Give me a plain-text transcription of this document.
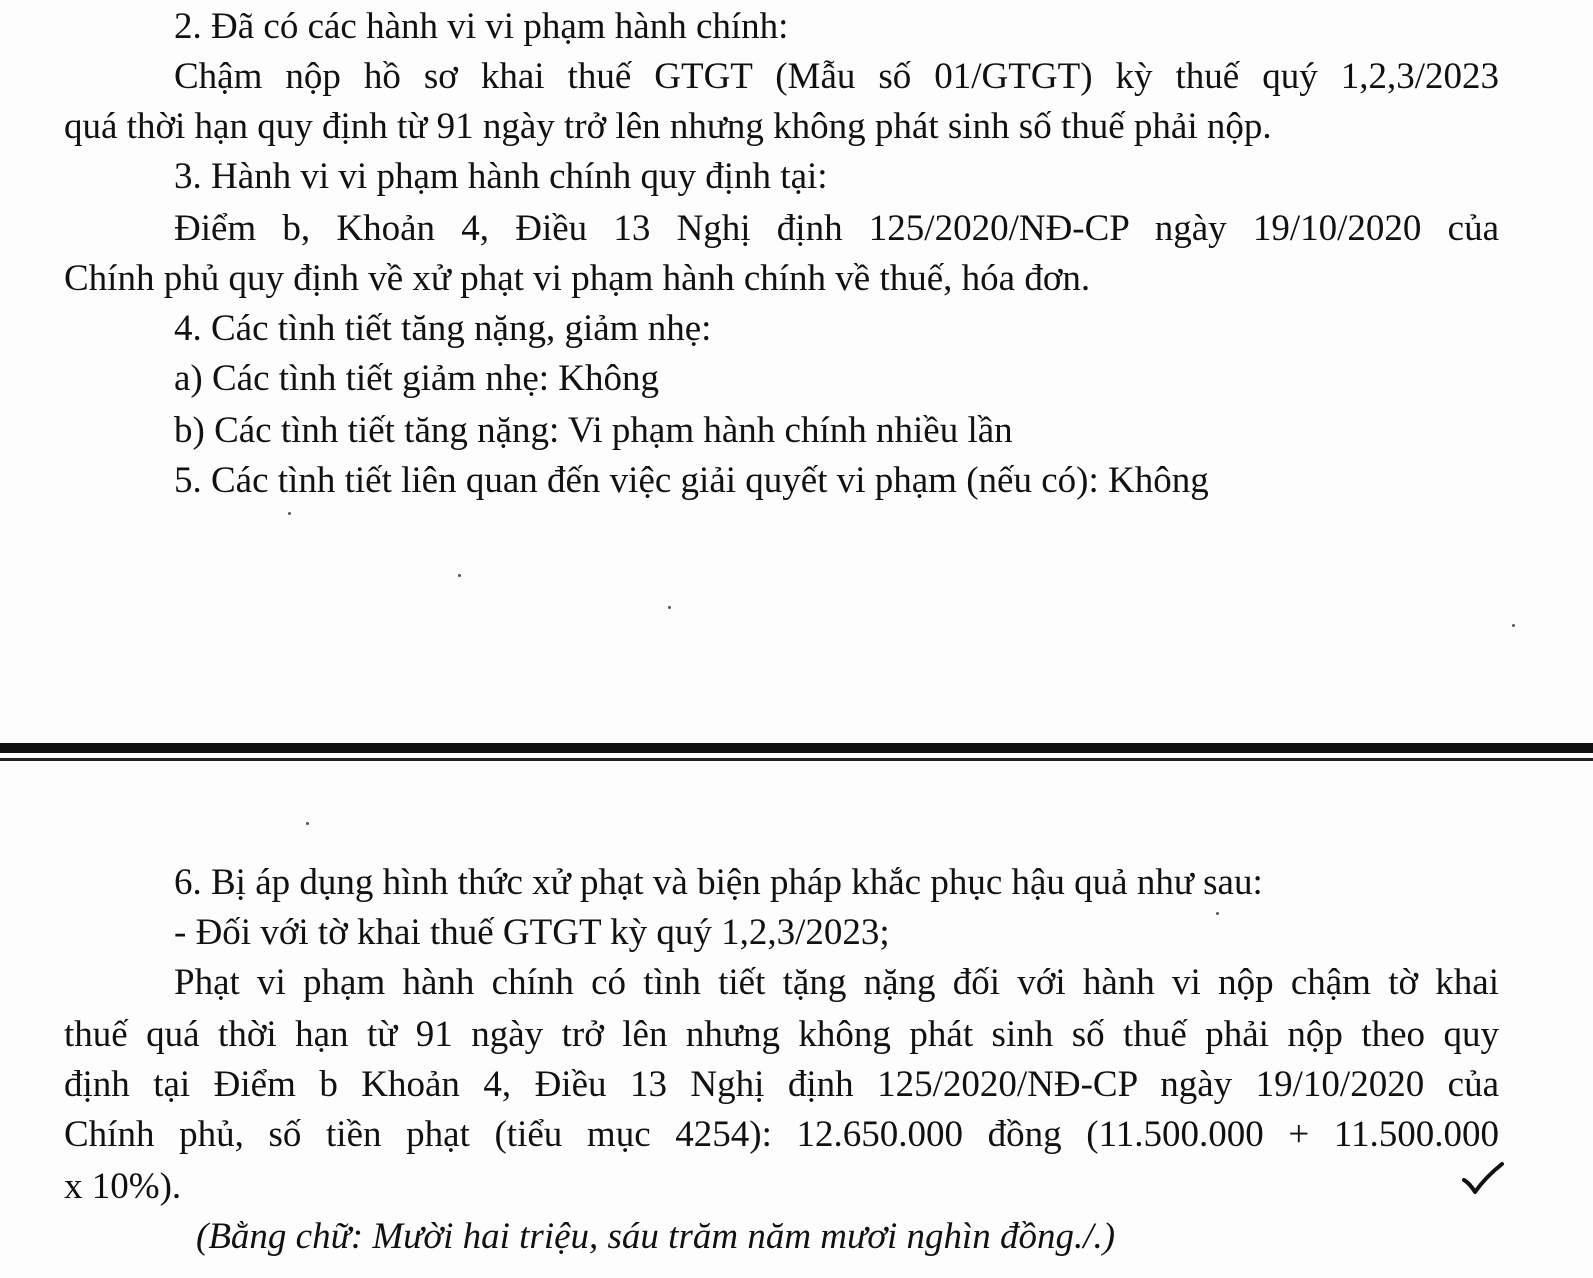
2. Đã có các hành vi vi phạm hành chính:
Chậm nộp hồ sơ khai thuế GTGT (Mẫu số 01/GTGT) kỳ thuế quý 1,2,3/2023
quá thời hạn quy định từ 91 ngày trở lên nhưng không phát sinh số thuế phải nộp.
3. Hành vi vi phạm hành chính quy định tại:
Điểm b, Khoản 4, Điều 13 Nghị định 125/2020/NĐ-CP ngày 19/10/2020 của
Chính phủ quy định về xử phạt vi phạm hành chính về thuế, hóa đơn.
4. Các tình tiết tăng nặng, giảm nhẹ:
a) Các tình tiết giảm nhẹ: Không
b) Các tình tiết tăng nặng: Vi phạm hành chính nhiều lần
5. Các tình tiết liên quan đến việc giải quyết vi phạm (nếu có): Không
6. Bị áp dụng hình thức xử phạt và biện pháp khắc phục hậu quả như sau:
- Đối với tờ khai thuế GTGT kỳ quý 1,2,3/2023;
Phạt vi phạm hành chính có tình tiết tặng nặng đối với hành vi nộp chậm tờ khai
thuế quá thời hạn từ 91 ngày trở lên nhưng không phát sinh số thuế phải nộp theo quy
định tại Điểm b Khoản 4, Điều 13 Nghị định 125/2020/NĐ-CP ngày 19/10/2020 của
Chính phủ, số tiền phạt (tiểu mục 4254): 12.650.000 đồng (11.500.000 + 11.500.000
x 10%).
(Bằng chữ: Mười hai triệu, sáu trăm năm mươi nghìn đồng./.)
